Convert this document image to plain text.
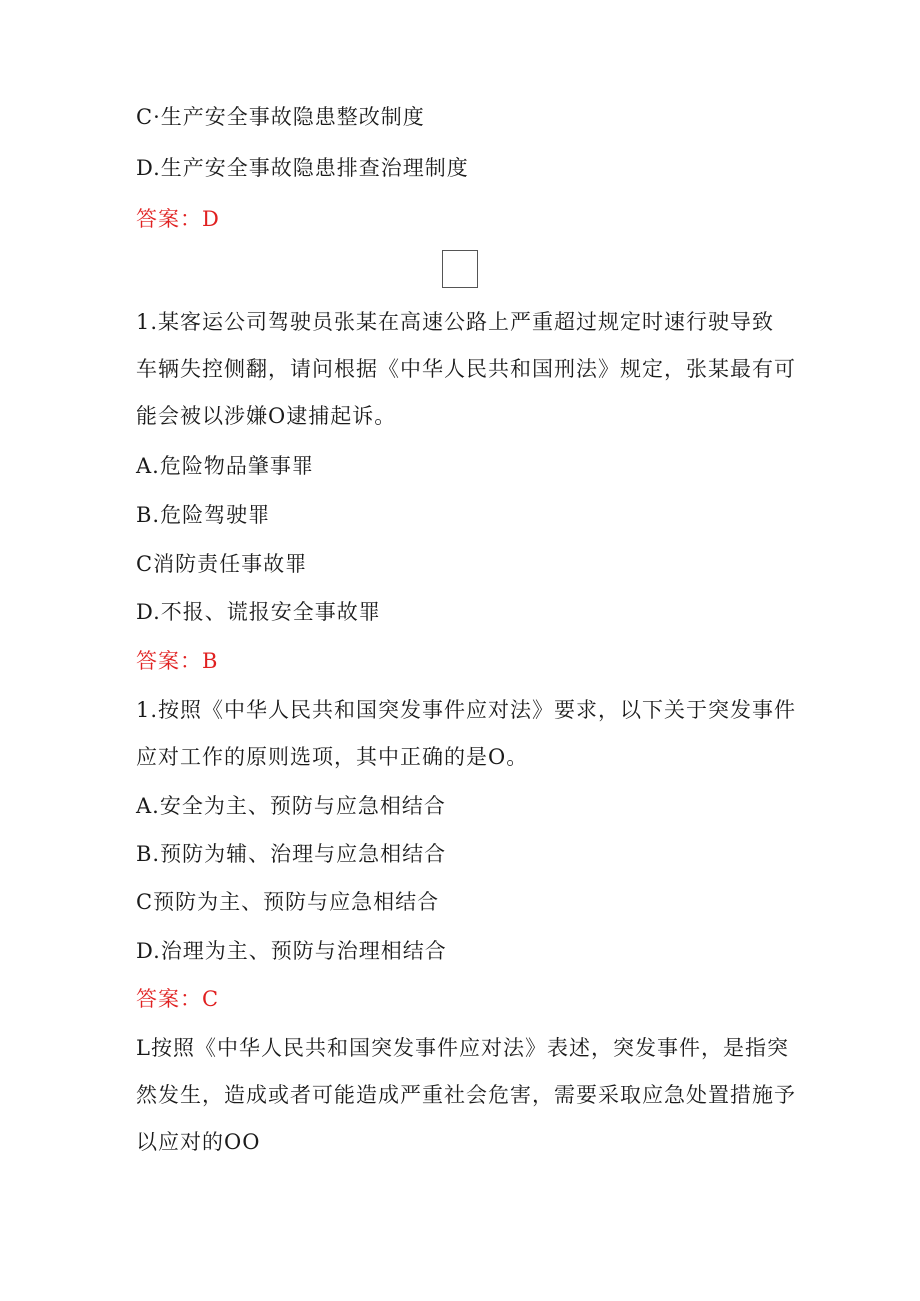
C·生产安全事故隐患整改制度
D.生产安全事故隐患排查治理制度
答案：D
1.某客运公司驾驶员张某在高速公路上严重超过规定时速行驶导致
车辆失控侧翻，请问根据《中华人民共和国刑法》规定，张某最有可
能会被以涉嫌O逮捕起诉。
A.危险物品肇事罪
B.危险驾驶罪
C消防责任事故罪
D.不报、谎报安全事故罪
答案：B
1.按照《中华人民共和国突发事件应对法》要求，以下关于突发事件
应对工作的原则选项，其中正确的是O。
A.安全为主、预防与应急相结合
B.预防为辅、治理与应急相结合
C预防为主、预防与应急相结合
D.治理为主、预防与治理相结合
答案：C
L按照《中华人民共和国突发事件应对法》表述，突发事件，是指突
然发生，造成或者可能造成严重社会危害，需要采取应急处置措施予
以应对的OO
